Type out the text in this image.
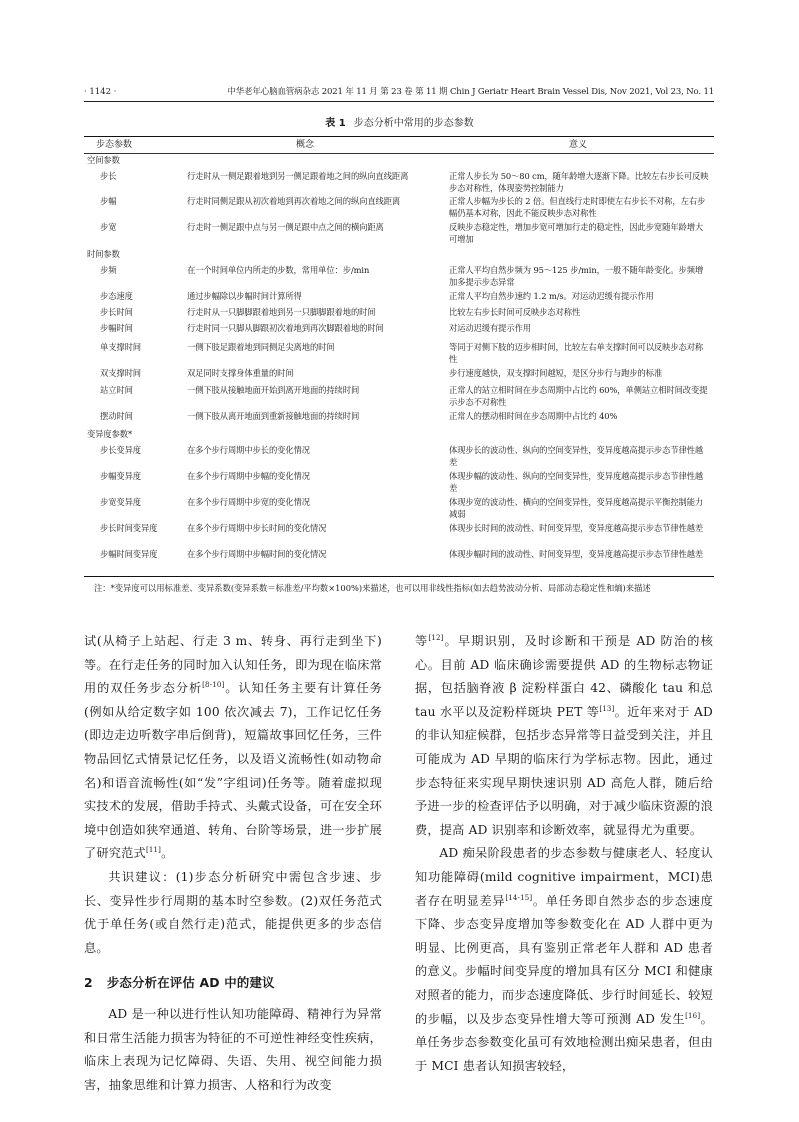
· 1142 ·	中华老年心脑血管病杂志 2021 年 11 月 第 23 卷 第 11 期 Chin J Geriatr Heart Brain Vessel Dis, Nov 2021, Vol 23, No. 11
表 1 步态分析中常用的步态参数
步态参数	概念	意义
空间参数
步长	行走时从一侧足跟着地到另一侧足跟着地之间的纵向直线距离	正常人步长为 50～80 cm，随年龄增大逐渐下降。比较左右步长可反映步态对称性，体现姿势控制能力
步幅	行走时同侧足跟从初次着地到再次着地之间的纵向直线距离	正常人步幅为步长的 2 倍。但直线行走时即使左右步长不对称，左右步幅仍基本对称，因此不能反映步态对称性
步宽	行走时一侧足跟中点与另一侧足跟中点之间的横向距离	反映步态稳定性，增加步宽可增加行走的稳定性，因此步宽随年龄增大可增加
时间参数
步频	在一个时间单位内所走的步数，常用单位：步/min	正常人平均自然步频为 95～125 步/min，一般不随年龄变化。步频增加多提示步态异常
步态速度	通过步幅除以步幅时间计算所得	正常人平均自然步速约 1.2 m/s。对运动迟缓有提示作用
步长时间	行走时从一只脚脚跟着地到另一只脚脚跟着地的时间	比较左右步长时间可反映步态对称性
步幅时间	行走时同一只脚从脚跟初次着地到再次脚跟着地的时间	对运动迟缓有提示作用
单支撑时间	一侧下肢足跟着地到同侧足尖离地的时间	等同于对侧下肢的迈步相时间，比较左右单支撑时间可以反映步态对称性
双支撑时间	双足同时支撑身体重量的时间	步行速度越快，双支撑时间越短，是区分步行与跑步的标准
站立时间	一侧下肢从接触地面开始到离开地面的持续时间	正常人的站立相时间在步态周期中占比约 60%，单侧站立相时间改变提示步态不对称性
摆动时间	一侧下肢从离开地面到重新接触地面的持续时间	正常人的摆动相时间在步态周期中占比约 40%
变异度参数*
步长变异度	在多个步行周期中步长的变化情况	体现步长的波动性、纵向的空间变异性，变异度越高提示步态节律性越差
步幅变异度	在多个步行周期中步幅的变化情况	体现步幅的波动性、纵向的空间变异性，变异度越高提示步态节律性越差
步宽变异度	在多个步行周期中步宽的变化情况	体现步宽的波动性、横向的空间变异性，变异度越高提示平衡控制能力减弱
步长时间变异度	在多个步行周期中步长时间的变化情况	体现步长时间的波动性、时间变异型，变异度越高提示步态节律性越差
步幅时间变异度	在多个步行周期中步幅时间的变化情况	体现步幅时间的波动性、时间变异型，变异度越高提示步态节律性越差
注：*变异度可以用标准差、变异系数(变异系数＝标准差/平均数×100%)来描述，也可以用非线性指标(如去趋势波动分析、局部动态稳定性和熵)来描述

试(从椅子上站起、行走 3 m、转身、再行走到坐下)等。在行走任务的同时加入认知任务，即为现在临床常用的双任务步态分析[8-10]。认知任务主要有计算任务(例如从给定数字如 100 依次减去 7)，工作记忆任务(即边走边听数字串后倒背)，短篇故事回忆任务，三件物品回忆式情景记忆任务，以及语义流畅性(如动物命名)和语音流畅性(如“发”字组词)任务等。随着虚拟现实技术的发展，借助手持式、头戴式设备，可在安全环境中创造如狭窄通道、转角、台阶等场景，进一步扩展了研究范式[11]。

共识建议：(1)步态分析研究中需包含步速、步长、变异性步行周期的基本时空参数。(2)双任务范式优于单任务(或自然行走)范式，能提供更多的步态信息。

2 步态分析在评估 AD 中的建议

AD 是一种以进行性认知功能障碍、精神行为异常和日常生活能力损害为特征的不可逆性神经变性疾病，临床上表现为记忆障碍、失语、失用、视空间能力损害，抽象思维和计算力损害、人格和行为改变

等[12]。早期识别，及时诊断和干预是 AD 防治的核心。目前 AD 临床确诊需要提供 AD 的生物标志物证据，包括脑脊液 β 淀粉样蛋白 42、磷酸化 tau 和总 tau 水平以及淀粉样斑块 PET 等[13]。近年来对于 AD 的非认知症候群，包括步态异常等日益受到关注，并且可能成为 AD 早期的临床行为学标志物。因此，通过步态特征来实现早期快速识别 AD 高危人群，随后给予进一步的检查评估予以明确，对于减少临床资源的浪费，提高 AD 识别率和诊断效率，就显得尤为重要。

AD 痴呆阶段患者的步态参数与健康老人、轻度认知功能障碍(mild cognitive impairment，MCI)患者存在明显差异[14-15]。单任务即自然步态的步态速度下降、步态变异度增加等参数变化在 AD 人群中更为明显、比例更高，具有鉴别正常老年人群和 AD 患者的意义。步幅时间变异度的增加具有区分 MCI 和健康对照者的能力，而步态速度降低、步行时间延长、较短的步幅，以及步态变异性增大等可预测 AD 发生[16]。单任务步态参数变化虽可有效地检测出痴呆患者，但由于 MCI 患者认知损害较轻，
